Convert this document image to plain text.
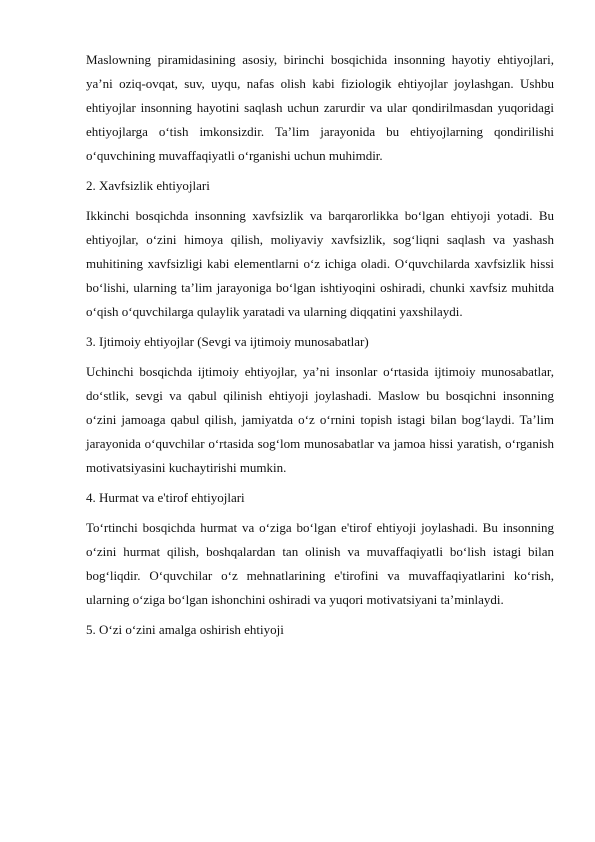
Maslowning piramidasining asosiy, birinchi bosqichida insonning hayotiy ehtiyojlari, ya’ni oziq-ovqat, suv, uyqu, nafas olish kabi fiziologik ehtiyojlar joylashgan. Ushbu ehtiyojlar insonning hayotini saqlash uchun zarurdir va ular qondirilmasdan yuqoridagi ehtiyojlarga o‘tish imkonsizdir. Ta’lim jarayonida bu ehtiyojlarning qondirilishi o‘quvchining muvaffaqiyatli o‘rganishi uchun muhimdir.

2. Xavfsizlik ehtiyojlari

Ikkinchi bosqichda insonning xavfsizlik va barqarorlikka bo‘lgan ehtiyoji yotadi. Bu ehtiyojlar, o‘zini himoya qilish, moliyaviy xavfsizlik, sog‘liqni saqlash va yashash muhitining xavfsizligi kabi elementlarni o‘z ichiga oladi. O‘quvchilarda xavfsizlik hissi bo‘lishi, ularning ta’lim jarayoniga bo‘lgan ishtiyoqini oshiradi, chunki xavfsiz muhitda o‘qish o‘quvchilarga qulaylik yaratadi va ularning diqqatini yaxshilaydi.

3. Ijtimoiy ehtiyojlar (Sevgi va ijtimoiy munosabatlar)

Uchinchi bosqichda ijtimoiy ehtiyojlar, ya’ni insonlar o‘rtasida ijtimoiy munosabatlar, do‘stlik, sevgi va qabul qilinish ehtiyoji joylashadi. Maslow bu bosqichni insonning o‘zini jamoaga qabul qilish, jamiyatda o‘z o‘rnini topish istagi bilan bog‘laydi. Ta’lim jarayonida o‘quvchilar o‘rtasida sog‘lom munosabatlar va jamoa hissi yaratish, o‘rganish motivatsiyasini kuchaytirishi mumkin.

4. Hurmat va e'tirof ehtiyojlari

To‘rtinchi bosqichda hurmat va o‘ziga bo‘lgan e'tirof ehtiyoji joylashadi. Bu insonning o‘zini hurmat qilish, boshqalardan tan olinish va muvaffaqiyatli bo‘lish istagi bilan bog‘liqdir. O‘quvchilar o‘z mehnatlarining e'tirofini va muvaffaqiyatlarini ko‘rish, ularning o‘ziga bo‘lgan ishonchini oshiradi va yuqori motivatsiyani ta’minlaydi.

5. O‘zi o‘zini amalga oshirish ehtiyoji
